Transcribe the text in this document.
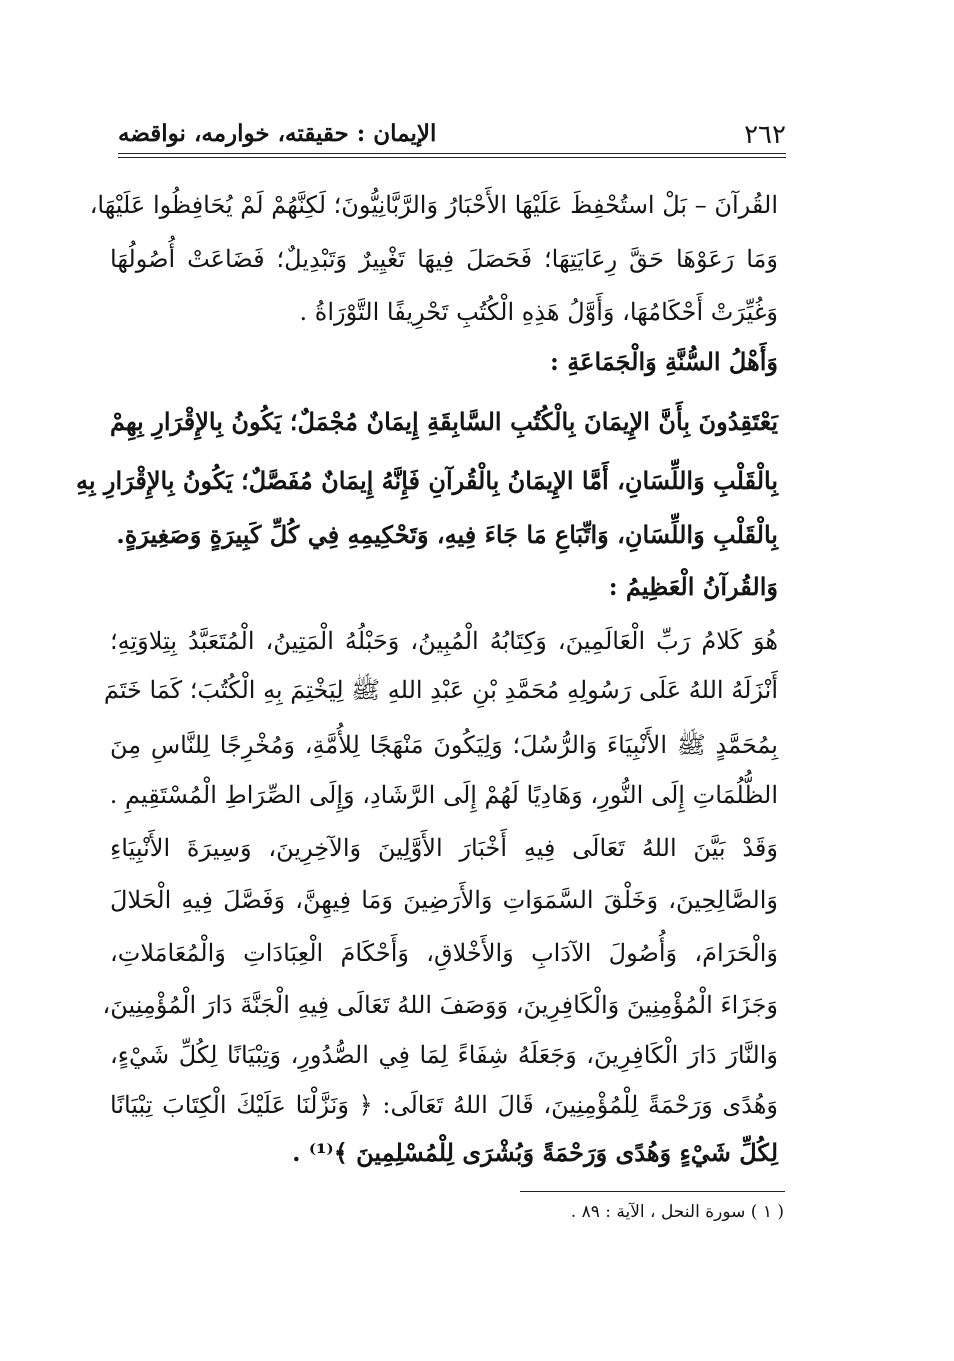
٢٦٢
الإيمان : حقيقته، خوارمه، نواقضه
القُرآنَ – بَلْ استُحْفِظَ عَلَيْهَا الأَحْبَارُ وَالرَّبَّانِيُّونَ؛ لَكِنَّهُمْ لَمْ يُحَافِظُوا عَلَيْهَا،
وَمَا رَعَوْهَا حَقَّ رِعَايَتِهَا؛ فَحَصَلَ فِيهَا تَغْيِيرٌ وَتَبْدِيلٌ؛ فَضَاعَتْ أُصُولُهَا
وَغُيِّرَتْ أَحْكَامُهَا، وَأَوَّلُ هَذِهِ الْكُتُبِ تَحْرِيفًا التَّوْرَاةُ .
وَأَهْلُ السُّنَّةِ وَالْجَمَاعَةِ :
يَعْتَقِدُونَ بِأَنَّ الإِيمَانَ بِالْكُتُبِ السَّابِقَةِ إِيمَانٌ مُجْمَلٌ؛ يَكُونُ بِالإِقْرَارِ بِهِمْ
بِالْقَلْبِ وَاللِّسَانِ، أَمَّا الإِيمَانُ بِالْقُرآنِ فَإِنَّهُ إِيمَانٌ مُفَصَّلٌ؛ يَكُونُ بِالإِقْرَارِ بِهِ
بِالْقَلْبِ وَاللِّسَانِ، وَاتِّبَاعِ مَا جَاءَ فِيهِ، وَتَحْكِيمِهِ فِي كُلِّ كَبِيرَةٍ وَصَغِيرَةٍ.
وَالقُرآنُ الْعَظِيمُ :
هُوَ كَلامُ رَبِّ الْعَالَمِينَ، وَكِتَابُهُ الْمُبِينُ، وَحَبْلُهُ الْمَتِينُ، الْمُتَعَبَّدُ بِتِلاوَتِهِ؛
أَنْزَلَهُ اللهُ عَلَى رَسُولِهِ مُحَمَّدِ بْنِ عَبْدِ اللهِ ﷺ لِيَخْتِمَ بِهِ الْكُتُبَ؛ كَمَا خَتَمَ
بِمُحَمَّدٍ ﷺ الأَنْبِيَاءَ وَالرُّسُلَ؛ وَلِيَكُونَ مَنْهَجًا لِلأُمَّةِ، وَمُخْرِجًا لِلنَّاسِ مِنَ
الظُّلُمَاتِ إِلَى النُّورِ، وَهَادِيًا لَهُمْ إِلَى الرَّشَادِ، وَإِلَى الصِّرَاطِ الْمُسْتَقِيمِ .
وَقَدْ بَيَّنَ اللهُ تَعَالَى فِيهِ أَخْبَارَ الأَوَّلِينَ وَالآخِرِينَ، وَسِيرَةَ الأَنْبِيَاءِ
وَالصَّالِحِينَ، وَخَلْقَ السَّمَوَاتِ وَالأَرَضِينَ وَمَا فِيهِنَّ، وَفَصَّلَ فِيهِ الْحَلالَ
وَالْحَرَامَ، وَأُصُولَ الآدَابِ وَالأَخْلاقِ، وَأَحْكَامَ الْعِبَادَاتِ وَالْمُعَامَلاتِ،
وَجَزَاءَ الْمُؤْمِنِينَ وَالْكَافِرِينَ، وَوَصَفَ اللهُ تَعَالَى فِيهِ الْجَنَّةَ دَارَ الْمُؤْمِنِينَ،
وَالنَّارَ دَارَ الْكَافِرِينَ، وَجَعَلَهُ شِفَاءً لِمَا فِي الصُّدُورِ، وَتِبْيَانًا لِكُلِّ شَيْءٍ،
وَهُدًى وَرَحْمَةً لِلْمُؤْمِنِينَ، قَالَ اللهُ تَعَالَى: ﴿ وَنَزَّلْنَا عَلَيْكَ الْكِتَابَ تِبْيَانًا
لِكُلِّ شَيْءٍ وَهُدًى وَرَحْمَةً وَبُشْرَى لِلْمُسْلِمِينَ ﴾⁽¹⁾ .
( ١ ) سورة النحل ، الآية : ٨٩ .
